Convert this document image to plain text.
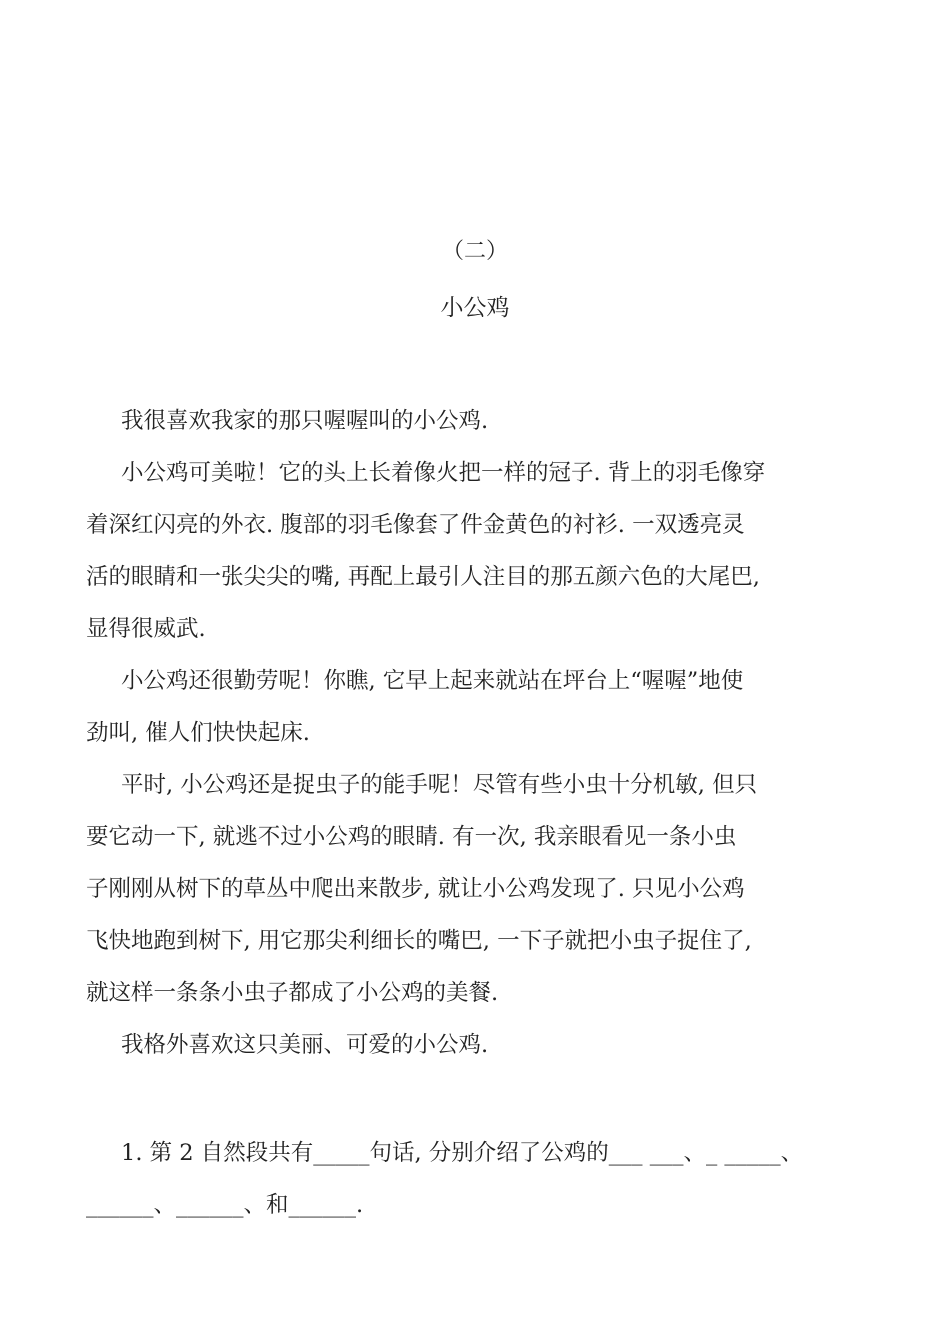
（二）
小公鸡
我很喜欢我家的那只喔喔叫的小公鸡.
小公鸡可美啦！它的头上长着像火把一样的冠子. 背上的羽毛像穿
着深红闪亮的外衣. 腹部的羽毛像套了件金黄色的衬衫. 一双透亮灵
活的眼睛和一张尖尖的嘴, 再配上最引人注目的那五颜六色的大尾巴,
显得很威武.
小公鸡还很勤劳呢！你瞧, 它早上起来就站在坪台上“喔喔”地使
劲叫, 催人们快快起床.
平时, 小公鸡还是捉虫子的能手呢！尽管有些小虫十分机敏, 但只
要它动一下, 就逃不过小公鸡的眼睛. 有一次, 我亲眼看见一条小虫
子刚刚从树下的草丛中爬出来散步, 就让小公鸡发现了. 只见小公鸡
飞快地跑到树下, 用它那尖利细长的嘴巴, 一下子就把小虫子捉住了,
就这样一条条小虫子都成了小公鸡的美餐.
我格外喜欢这只美丽、可爱的小公鸡.
1. 第 2 自然段共有_____句话, 分别介绍了公鸡的___ ___、_ _____、
______、______、和______.
